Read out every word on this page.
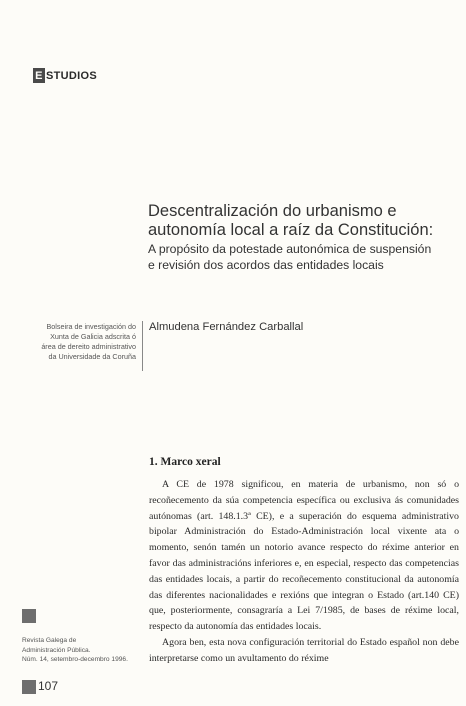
E STUDIOS
Descentralización do urbanismo e
autonomía local a raíz da Constitución:
A propósito da potestade autonómica de suspensión
e revisión dos acordos das entidades locais
Bolseira de investigación do
Xunta de Galicia adscrita ó
área de dereito administrativo
da Universidade da Coruña
Almudena Fernández Carballal
1. Marco xeral

A CE de 1978 significou, en materia de urbanismo, non só o recoñecemento da súa competencia específica ou exclusiva ás comunidades autónomas (art. 148.1.3ª CE), e a superación do esquema administrativo bipolar Administración do Estado-Administración local vixente ata o momento, senón tamén un notorio avance respecto do réxime anterior en favor das administracións inferiores e, en especial, respecto das competencias das entidades locais, a partir do recoñecemento constitucional da autonomía das diferentes nacionalidades e rexións que integran o Estado (art.140 CE) que, posteriormente, consagraría a Lei 7/1985, de bases de réxime local, respecto da autonomía das entidades locais.

Agora ben, esta nova configuración territorial do Estado español non debe interpretarse como un avultamento do réxime

Revista Galega de
Administración Pública.
Núm. 14, setembro-decembro 1996.
107
